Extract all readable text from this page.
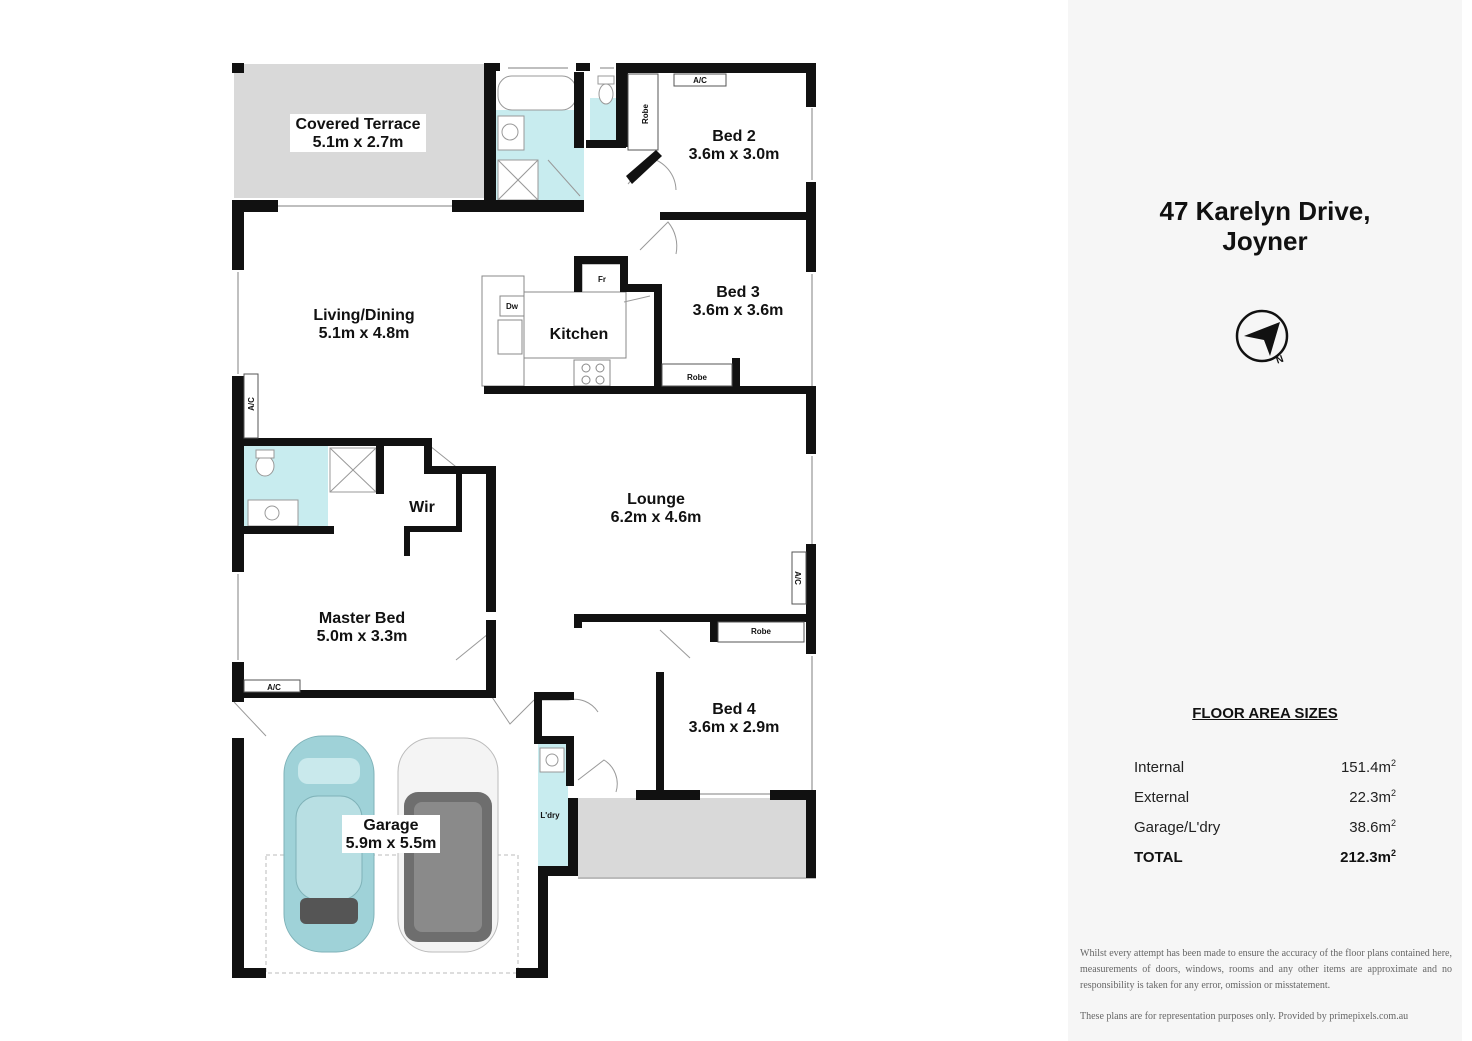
Covered Terrace
5.1m x 2.7m
Living/Dining
5.1m x 4.8m	Kitchen
Bed 2
3.6m x 3.0m
Bed 3
3.6m x 3.6m
Lounge
6.2m x 4.6m
Wir
Master Bed
5.0m x 3.3m
Bed 4
3.6m x 2.9m
Garage
5.9m x 5.5m
A/C
Robe
Robe
Robe
A/C
A/C
A/C
Fr
Dw
L'dry
47 Karelyn Drive,
Joyner
N
FLOOR AREA SIZES
Internal	$151.4m^2$
External	$22.3m^2$
Garage/L'dry	$38.6m^2$
TOTAL	$212.3m^2$
Whilst every attempt has been made to ensure the accuracy of the floor plans contained here, measurements of doors, windows, rooms and any other items are approximate and no responsibility is taken for any error, omission or misstatement.
These plans are for representation purposes only. Provided by primepixels.com.au
